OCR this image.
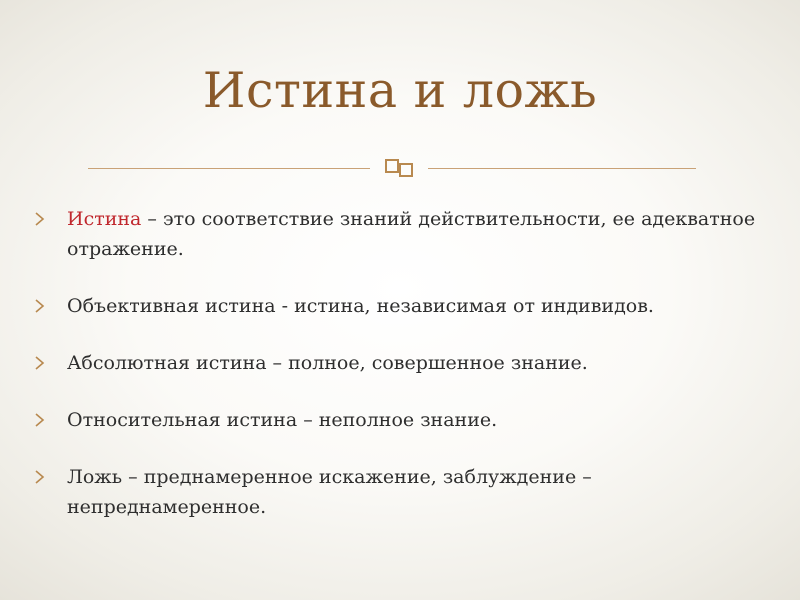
Истина и ложь
Истина – это соответствие знаний действительности, ее адекватное отражение.
Объективная истина - истина, независимая от индивидов.
Абсолютная истина – полное, совершенное знание.
Относительная истина – неполное знание.
Ложь – преднамеренное искажение, заблуждение – непреднамеренное.
